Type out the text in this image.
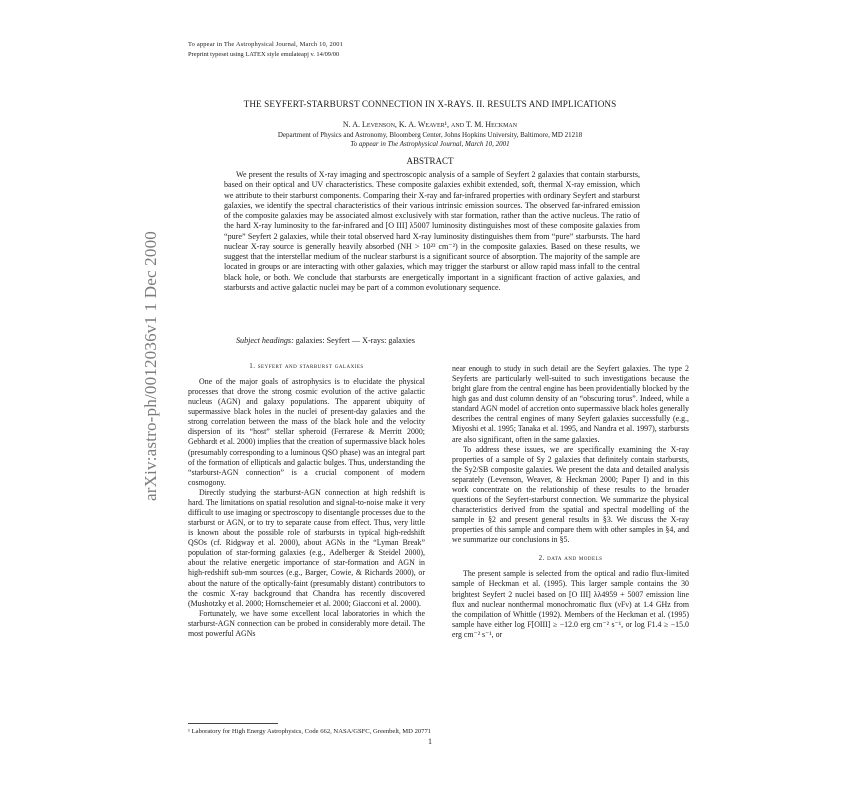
To appear in The Astrophysical Journal, March 10, 2001
Preprint typeset using LATEX style emulateapj v. 14/09/00
arXiv:astro-ph/0012036v1 1 Dec 2000
THE SEYFERT-STARBURST CONNECTION IN X-RAYS. II. RESULTS AND IMPLICATIONS
N. A. Levenson, K. A. Weaver¹, and T. M. Heckman
Department of Physics and Astronomy, Bloomberg Center, Johns Hopkins University, Baltimore, MD 21218
To appear in The Astrophysical Journal, March 10, 2001
ABSTRACT

We present the results of X-ray imaging and spectroscopic analysis of a sample of Seyfert 2 galaxies that contain starbursts, based on their optical and UV characteristics. These composite galaxies exhibit extended, soft, thermal X-ray emission, which we attribute to their starburst components. Comparing their X-ray and far-infrared properties with ordinary Seyfert and starburst galaxies, we identify the spectral characteristics of their various intrinsic emission sources. The observed far-infrared emission of the composite galaxies may be associated almost exclusively with star formation, rather than the active nucleus. The ratio of the hard X-ray luminosity to the far-infrared and [O III] λ5007 luminosity distinguishes most of these composite galaxies from “pure” Seyfert 2 galaxies, while their total observed hard X-ray luminosity distinguishes them from “pure” starbursts. The hard nuclear X-ray source is generally heavily absorbed (NH > 10²³ cm⁻²) in the composite galaxies. Based on these results, we suggest that the interstellar medium of the nuclear starburst is a significant source of absorption. The majority of the sample are located in groups or are interacting with other galaxies, which may trigger the starburst or allow rapid mass infall to the central black hole, or both. We conclude that starbursts are energetically important in a significant fraction of active galaxies, and starbursts and active galactic nuclei may be part of a common evolutionary sequence.

Subject headings: galaxies: Seyfert — X-rays: galaxies
1. seyfert and starburst galaxies

One of the major goals of astrophysics is to elucidate the physical processes that drove the strong cosmic evolution of the active galactic nucleus (AGN) and galaxy populations. The apparent ubiquity of supermassive black holes in the nuclei of present-day galaxies and the strong correlation between the mass of the black hole and the velocity dispersion of its “host” stellar spheroid (Ferrarese & Merritt 2000; Gebhardt et al. 2000) implies that the creation of supermassive black holes (presumably corresponding to a luminous QSO phase) was an integral part of the formation of ellipticals and galactic bulges. Thus, understanding the “starburst-AGN connection” is a crucial component of modern cosmogony.

Directly studying the starburst-AGN connection at high redshift is hard. The limitations on spatial resolution and signal-to-noise make it very difficult to use imaging or spectroscopy to disentangle processes due to the starburst or AGN, or to try to separate cause from effect. Thus, very little is known about the possible role of starbursts in typical high-redshift QSOs (cf. Ridgway et al. 2000), about AGNs in the “Lyman Break” population of star-forming galaxies (e.g., Adelberger & Steidel 2000), about the relative energetic importance of star-formation and AGN in high-redshift sub-mm sources (e.g., Barger, Cowie, & Richards 2000), or about the nature of the optically-faint (presumably distant) contributors to the cosmic X-ray background that Chandra has recently discovered (Mushotzky et al. 2000; Hornschemeier et al. 2000; Giacconi et al. 2000).

Fortunately, we have some excellent local laboratories in which the starburst-AGN connection can be probed in considerably more detail. The most powerful AGNs

near enough to study in such detail are the Seyfert galaxies. The type 2 Seyferts are particularly well-suited to such investigations because the bright glare from the central engine has been providentially blocked by the high gas and dust column density of an “obscuring torus”. Indeed, while a standard AGN model of accretion onto supermassive black holes generally describes the central engines of many Seyfert galaxies successfully (e.g., Miyoshi et al. 1995; Tanaka et al. 1995, and Nandra et al. 1997), starbursts are also significant, often in the same galaxies.

To address these issues, we are specifically examining the X-ray properties of a sample of Sy 2 galaxies that definitely contain starbursts, the Sy2/SB composite galaxies. We present the data and detailed analysis separately (Levenson, Weaver, & Heckman 2000; Paper I) and in this work concentrate on the relationship of these results to the broader questions of the Seyfert-starburst connection. We summarize the physical characteristics derived from the spatial and spectral modelling of the sample in §2 and present general results in §3. We discuss the X-ray properties of this sample and compare them with other samples in §4, and we summarize our conclusions in §5.

2. data and models

The present sample is selected from the optical and radio flux-limited sample of Heckman et al. (1995). This larger sample contains the 30 brightest Seyfert 2 nuclei based on [O III] λλ4959 + 5007 emission line flux and nuclear nonthermal monochromatic flux (νFν) at 1.4 GHz from the compilation of Whittle (1992). Members of the Heckman et al. (1995) sample have either log F[OIII] ≥ −12.0 erg cm⁻² s⁻¹, or log F1.4 ≥ −15.0 erg cm⁻² s⁻¹, or

¹ Laboratory for High Energy Astrophysics, Code 662, NASA/GSFC, Greenbelt, MD 20771
1
